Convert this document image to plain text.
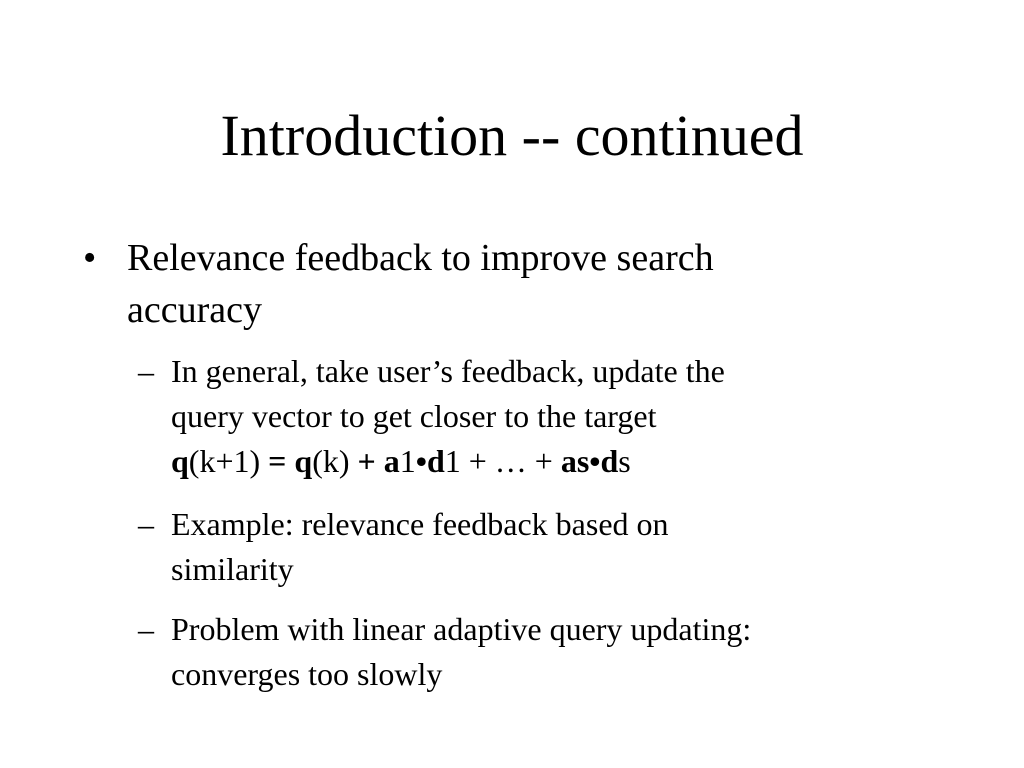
Introduction -- continued
• Relevance feedback to improve search
accuracy
– In general, take user’s feedback, update the
query vector to get closer to the target
q(k+1) = q(k) + a1•d1 + … + as•ds
– Example: relevance feedback based on
similarity
– Problem with linear adaptive query updating:
converges too slowly
